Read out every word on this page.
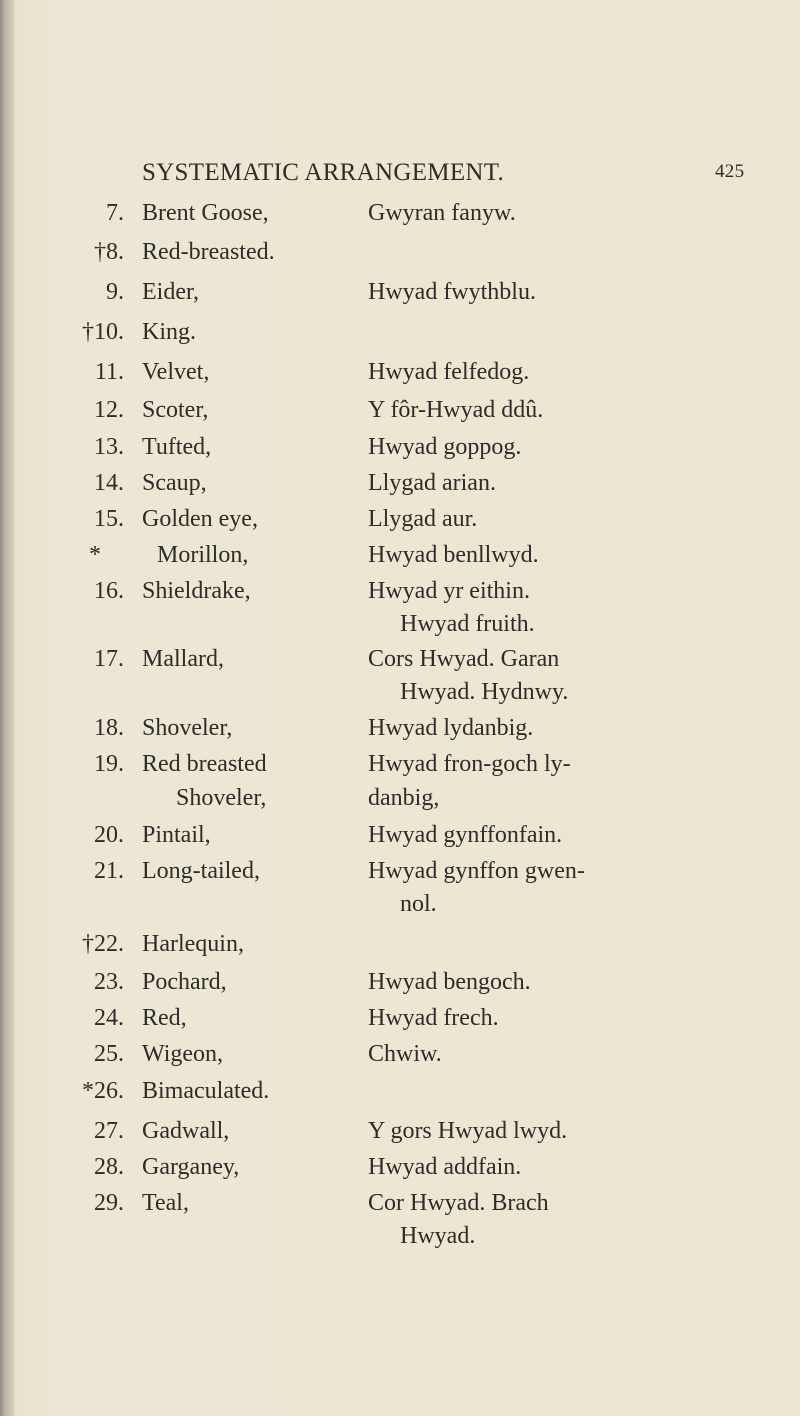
SYSTEMATIC ARRANGEMENT.	425
7. Brent Goose,	Gwyran fanyw.
†8. Red-breasted.
9. Eider,	Hwyad fwythblu.
†10. King.
11. Velvet,	Hwyad felfedog.
12. Scoter,	Y fôr-Hwyad ddû.
13. Tufted,	Hwyad goppog.
14. Scaup,	Llygad arian.
15. Golden eye,	Llygad aur.
*	Morillon,	Hwyad benllwyd.
16. Shieldrake,	Hwyad yr eithin.
Hwyad fruith.
17. Mallard,	Cors Hwyad. Garan
Hwyad. Hydnwy.
18. Shoveler,	Hwyad lydanbig.
19. Red breasted	Hwyad fron-goch ly-
Shoveler,	danbig,
20. Pintail,	Hwyad gynffonfain.
21. Long-tailed,	Hwyad gynffon gwen-
nol.
†22. Harlequin,
23. Pochard,	Hwyad bengoch.
24. Red,	Hwyad frech.
25. Wigeon,	Chwiw.
*26. Bimaculated.
27. Gadwall,	Y gors Hwyad lwyd.
28. Garganey,	Hwyad addfain.
29. Teal,	Cor Hwyad. Brach
Hwyad.
